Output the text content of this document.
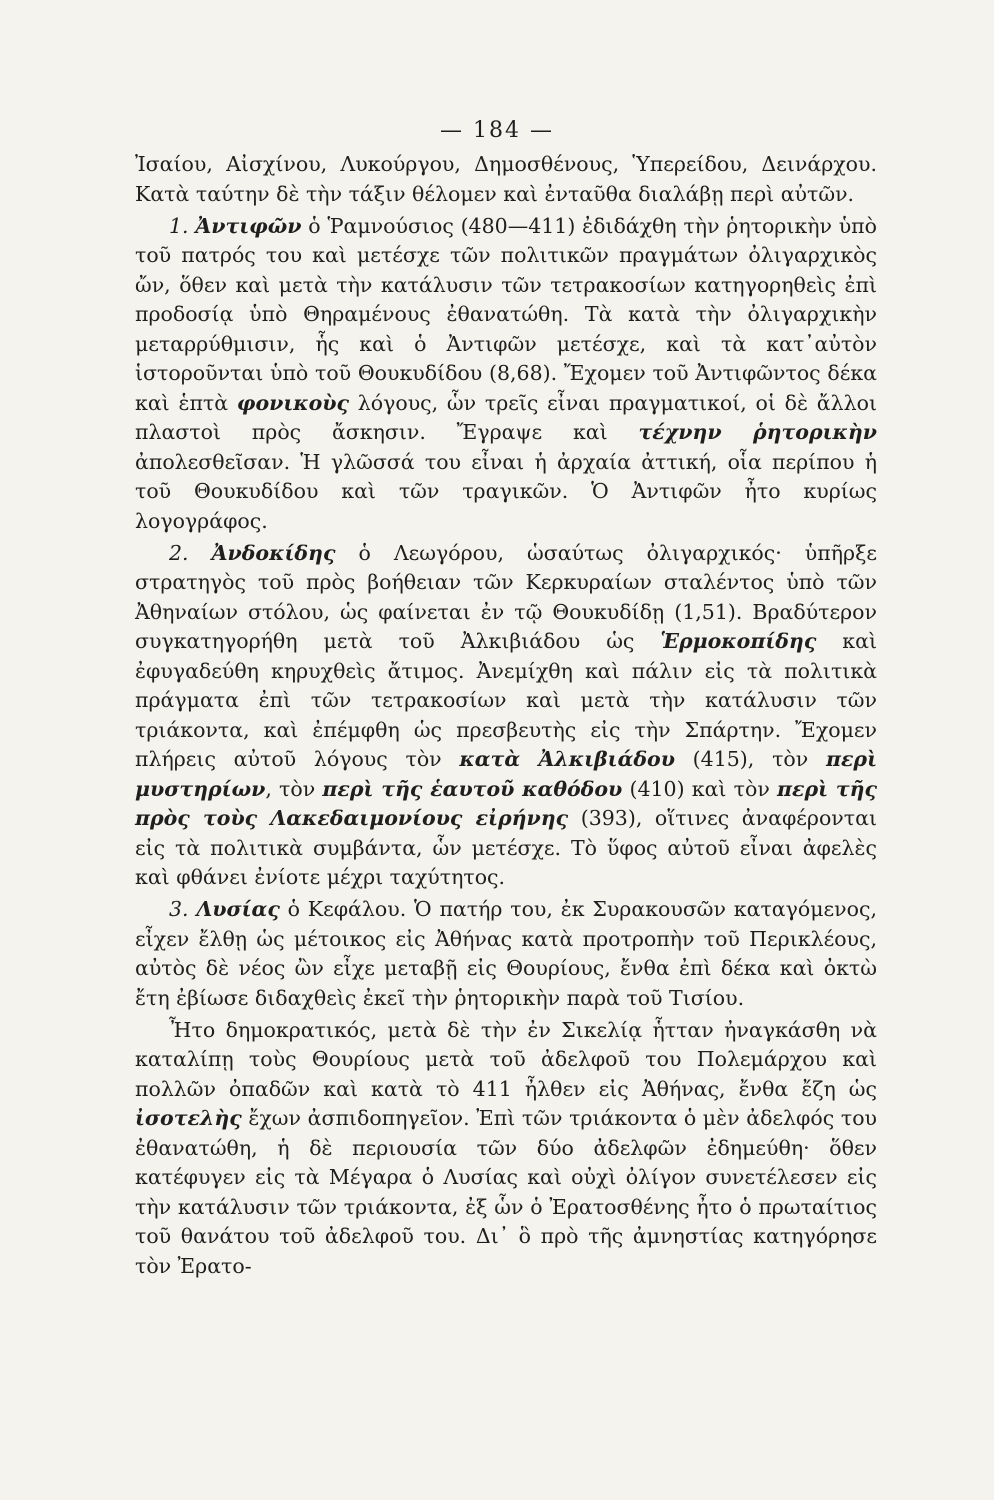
— 184 —

Ἰσαίου, Αἰσχίνου, Λυκούργου, Δημοσθένους, Ὑπερείδου, Δεινάρχου. Κατὰ ταύτην δὲ τὴν τάξιν θέλομεν καὶ ἐνταῦθα διαλάβῃ περὶ αὐτῶν.

1. Ἀντιφῶν ὁ Ῥαμνούσιος (480—411) ἐδιδάχθη τὴν ῥητορικὴν ὑπὸ τοῦ πατρός του καὶ μετέσχε τῶν πολιτικῶν πραγμάτων ὀλιγαρχικὸς ὤν, ὅθεν καὶ μετὰ τὴν κατάλυσιν τῶν τετρακοσίων κατηγορηθεὶς ἐπὶ προδοσίᾳ ὑπὸ Θηραμένους ἐθανατώθη. Τὰ κατὰ τὴν ὀλιγαρχικὴν μεταρρύθμισιν, ἧς καὶ ὁ Ἀντιφῶν μετέσχε, καὶ τὰ κατ᾽αὐτὸν ἱστοροῦνται ὑπὸ τοῦ Θουκυδίδου (8,68). Ἔχομεν τοῦ Ἀντιφῶντος δέκα καὶ ἑπτὰ φονικοὺς λόγους, ὧν τρεῖς εἶναι πραγματικοί, οἱ δὲ ἄλλοι πλαστοὶ πρὸς ἄσκησιν. Ἔγραψε καὶ τέχνην ῥητορικὴν ἀπολεσθεῖσαν. Ἡ γλῶσσά του εἶναι ἡ ἀρχαία ἀττική, οἷα περίπου ἡ τοῦ Θουκυδίδου καὶ τῶν τραγικῶν. Ὁ Ἀντιφῶν ἦτο κυρίως λογογράφος.

2. Ἀνδοκίδης ὁ Λεωγόρου, ὡσαύτως ὀλιγαρχικός· ὑπῆρξε στρατηγὸς τοῦ πρὸς βοήθειαν τῶν Κερκυραίων σταλέντος ὑπὸ τῶν Ἀθηναίων στόλου, ὡς φαίνεται ἐν τῷ Θουκυδίδῃ (1,51). Βραδύτερον συγκατηγορήθη μετὰ τοῦ Ἀλκιβιάδου ὡς Ἑρμοκοπίδης καὶ ἐφυγαδεύθη κηρυχθεὶς ἄτιμος. Ἀνεμίχθη καὶ πάλιν εἰς τὰ πολιτικὰ πράγματα ἐπὶ τῶν τετρακοσίων καὶ μετὰ τὴν κατάλυσιν τῶν τριάκοντα, καὶ ἐπέμφθη ὡς πρεσβευτὴς εἰς τὴν Σπάρτην. Ἔχομεν πλήρεις αὐτοῦ λόγους τὸν κατὰ Ἀλκιβιάδου (415), τὸν περὶ μυστηρίων, τὸν περὶ τῆς ἑαυτοῦ καθόδου (410) καὶ τὸν περὶ τῆς πρὸς τοὺς Λακεδαιμονίους εἰρήνης (393), οἵτινες ἀναφέρονται εἰς τὰ πολιτικὰ συμβάντα, ὧν μετέσχε. Τὸ ὕφος αὐτοῦ εἶναι ἀφελὲς καὶ φθάνει ἐνίοτε μέχρι ταχύτητος.

3. Λυσίας ὁ Κεφάλου. Ὁ πατήρ του, ἐκ Συρακουσῶν καταγόμενος, εἶχεν ἔλθῃ ὡς μέτοικος εἰς Ἀθήνας κατὰ προτροπὴν τοῦ Περικλέους, αὐτὸς δὲ νέος ὢν εἶχε μεταβῇ εἰς Θουρίους, ἔνθα ἐπὶ δέκα καὶ ὀκτὼ ἔτη ἐβίωσε διδαχθεὶς ἐκεῖ τὴν ῥητορικὴν παρὰ τοῦ Τισίου.

Ἦτο δημοκρατικός, μετὰ δὲ τὴν ἐν Σικελίᾳ ἧτταν ἠναγκάσθη νὰ καταλίπῃ τοὺς Θουρίους μετὰ τοῦ ἀδελφοῦ του Πολεμάρχου καὶ πολλῶν ὀπαδῶν καὶ κατὰ τὸ 411 ἦλθεν εἰς Ἀθήνας, ἔνθα ἔζη ὡς ἰσοτελὴς ἔχων ἀσπιδοπηγεῖον. Ἐπὶ τῶν τριάκοντα ὁ μὲν ἀδελφός του ἐθανατώθη, ἡ δὲ περιουσία τῶν δύο ἀδελφῶν ἐδημεύθη· ὅθεν κατέφυγεν εἰς τὰ Μέγαρα ὁ Λυσίας καὶ οὐχὶ ὀλίγον συνετέλεσεν εἰς τὴν κατάλυσιν τῶν τριάκοντα, ἐξ ὧν ὁ Ἐρατοσθένης ἦτο ὁ πρωταίτιος τοῦ θανάτου τοῦ ἀδελφοῦ του. Δι᾽ ὃ πρὸ τῆς ἀμνηστίας κατηγόρησε τὸν Ἐρατο-
